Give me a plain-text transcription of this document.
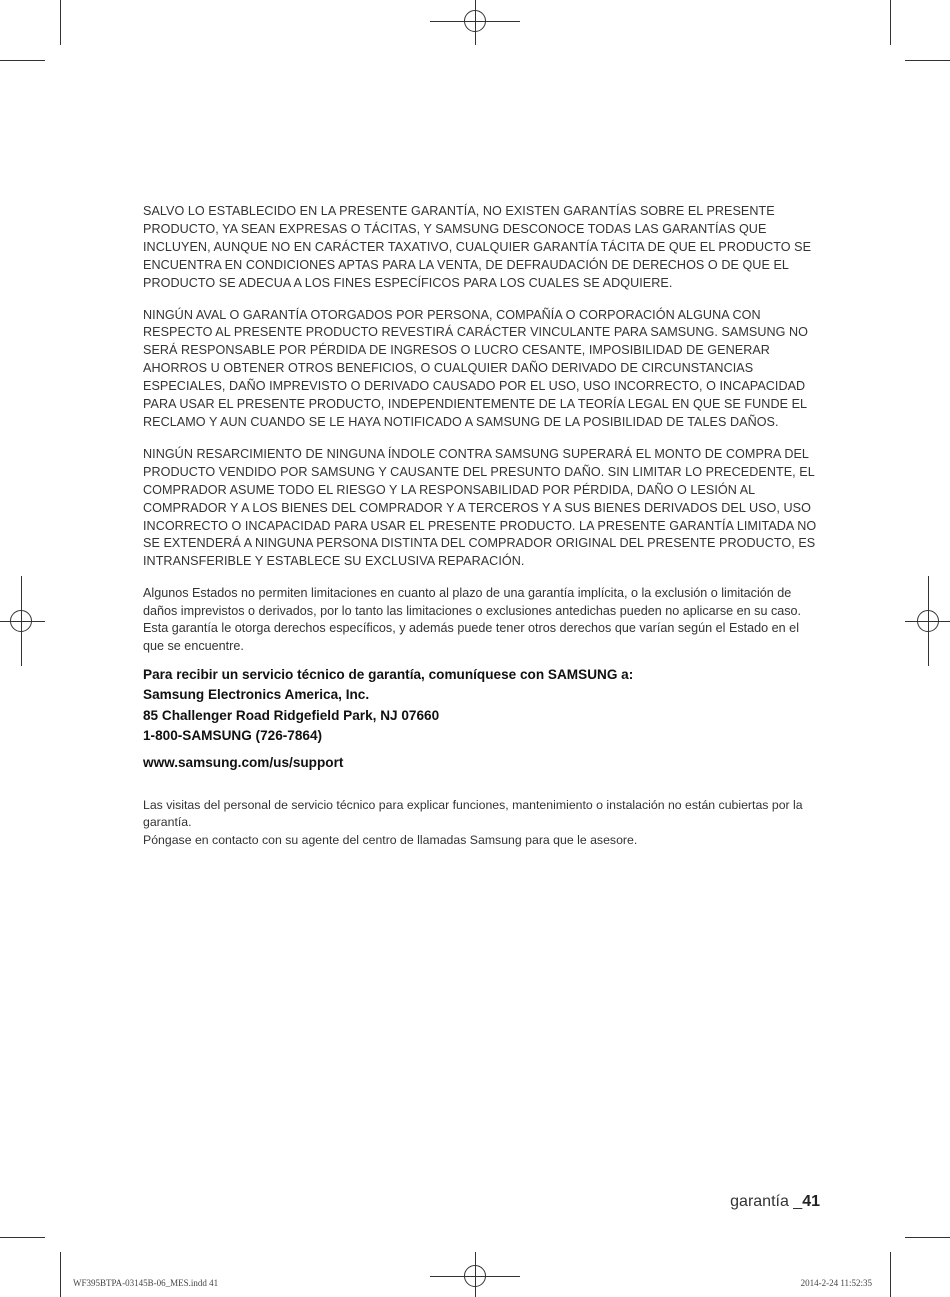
SALVO LO ESTABLECIDO EN LA PRESENTE GARANTÍA, NO EXISTEN GARANTÍAS SOBRE EL PRESENTE PRODUCTO, YA SEAN EXPRESAS O TÁCITAS, Y SAMSUNG DESCONOCE TODAS LAS GARANTÍAS QUE INCLUYEN, AUNQUE NO EN CARÁCTER TAXATIVO, CUALQUIER GARANTÍA TÁCITA DE QUE EL PRODUCTO SE ENCUENTRA EN CONDICIONES APTAS PARA LA VENTA, DE DEFRAUDACIÓN DE DERECHOS O DE QUE EL PRODUCTO SE ADECUA A LOS FINES ESPECÍFICOS PARA LOS CUALES SE ADQUIERE.

NINGÚN AVAL O GARANTÍA OTORGADOS POR PERSONA, COMPAÑÍA O CORPORACIÓN ALGUNA CON RESPECTO AL PRESENTE PRODUCTO REVESTIRÁ CARÁCTER VINCULANTE PARA SAMSUNG. SAMSUNG NO SERÁ RESPONSABLE POR PÉRDIDA DE INGRESOS O LUCRO CESANTE, IMPOSIBILIDAD DE GENERAR AHORROS U OBTENER OTROS BENEFICIOS, O CUALQUIER DAÑO DERIVADO DE CIRCUNSTANCIAS ESPECIALES, DAÑO IMPREVISTO O DERIVADO CAUSADO POR EL USO, USO INCORRECTO, O INCAPACIDAD PARA USAR EL PRESENTE PRODUCTO, INDEPENDIENTEMENTE DE LA TEORÍA LEGAL EN QUE SE FUNDE EL RECLAMO Y AUN CUANDO SE LE HAYA NOTIFICADO A SAMSUNG DE LA POSIBILIDAD DE TALES DAÑOS.

NINGÚN RESARCIMIENTO DE NINGUNA ÍNDOLE CONTRA SAMSUNG SUPERARÁ EL MONTO DE COMPRA DEL PRODUCTO VENDIDO POR SAMSUNG Y CAUSANTE DEL PRESUNTO DAÑO. SIN LIMITAR LO PRECEDENTE, EL COMPRADOR ASUME TODO EL RIESGO Y LA RESPONSABILIDAD POR PÉRDIDA, DAÑO O LESIÓN AL COMPRADOR Y A LOS BIENES DEL COMPRADOR Y A TERCEROS Y A SUS BIENES DERIVADOS DEL USO, USO INCORRECTO O INCAPACIDAD PARA USAR EL PRESENTE PRODUCTO. LA PRESENTE GARANTÍA LIMITADA NO SE EXTENDERÁ A NINGUNA PERSONA DISTINTA DEL COMPRADOR ORIGINAL DEL PRESENTE PRODUCTO, ES INTRANSFERIBLE Y ESTABLECE SU EXCLUSIVA REPARACIÓN.

Algunos Estados no permiten limitaciones en cuanto al plazo de una garantía implícita, o la exclusión o limitación de daños imprevistos o derivados, por lo tanto las limitaciones o exclusiones antedichas pueden no aplicarse en su caso. Esta garantía le otorga derechos específicos, y además puede tener otros derechos que varían según el Estado en el que se encuentre.

Para recibir un servicio técnico de garantía, comuníquese con SAMSUNG a:

Samsung Electronics America, Inc.

85 Challenger Road Ridgefield Park, NJ 07660

1-800-SAMSUNG (726-7864)

www.samsung.com/us/support

Las visitas del personal de servicio técnico para explicar funciones, mantenimiento o instalación no están cubiertas por la garantía.

Póngase en contacto con su agente del centro de llamadas Samsung para que le asesore.

garantía _41
WF395BTPA-03145B-06_MES.indd 41	2014-2-24 11:52:35
